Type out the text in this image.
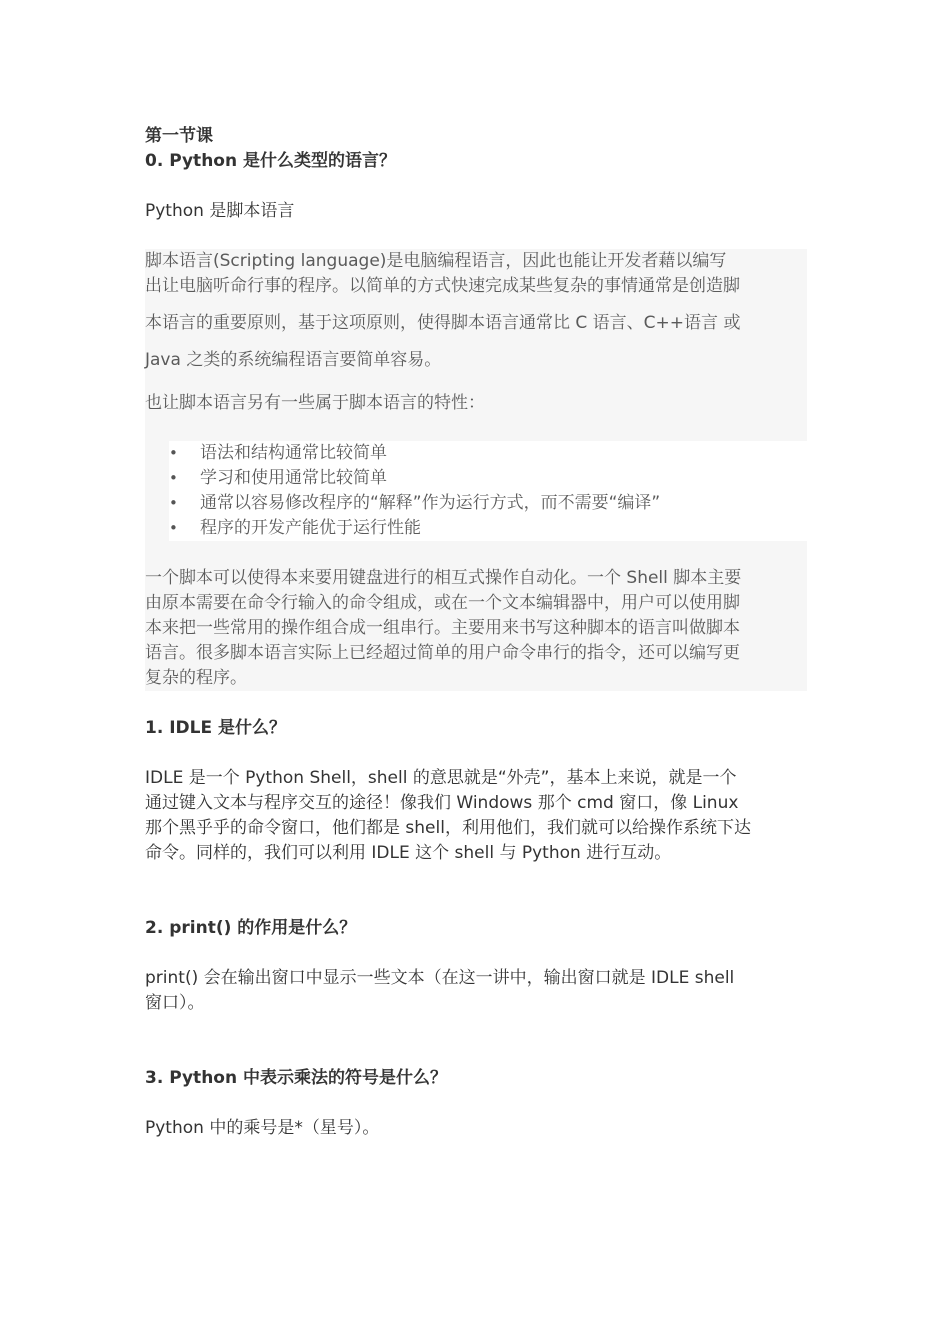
第一节课

0. Python 是什么类型的语言？

Python 是脚本语言

脚本语言(Scripting language)是电脑编程语言，因此也能让开发者藉以编写

出让电脑听命行事的程序。以简单的方式快速完成某些复杂的事情通常是创造脚

本语言的重要原则，基于这项原则，使得脚本语言通常比 C 语言、C++语言 或

Java 之类的系统编程语言要简单容易。

也让脚本语言另有一些属于脚本语言的特性：

• 语法和结构通常比较简单
• 学习和使用通常比较简单
• 通常以容易修改程序的“解释”作为运行方式，而不需要“编译”
• 程序的开发产能优于运行性能

一个脚本可以使得本来要用键盘进行的相互式操作自动化。一个 Shell 脚本主要

由原本需要在命令行输入的命令组成，或在一个文本编辑器中，用户可以使用脚

本来把一些常用的操作组合成一组串行。主要用来书写这种脚本的语言叫做脚本

语言。很多脚本语言实际上已经超过简单的用户命令串行的指令，还可以编写更

复杂的程序。

1. IDLE 是什么？

IDLE 是一个 Python Shell，shell 的意思就是“外壳”，基本上来说，就是一个

通过键入文本与程序交互的途径！像我们 Windows 那个 cmd 窗口，像 Linux

那个黑乎乎的命令窗口，他们都是 shell，利用他们，我们就可以给操作系统下达

命令。同样的，我们可以利用 IDLE 这个 shell 与 Python 进行互动。

2. print() 的作用是什么？

print() 会在输出窗口中显示一些文本（在这一讲中，输出窗口就是 IDLE shell

窗口）。

3. Python 中表示乘法的符号是什么？

Python 中的乘号是*（星号）。
